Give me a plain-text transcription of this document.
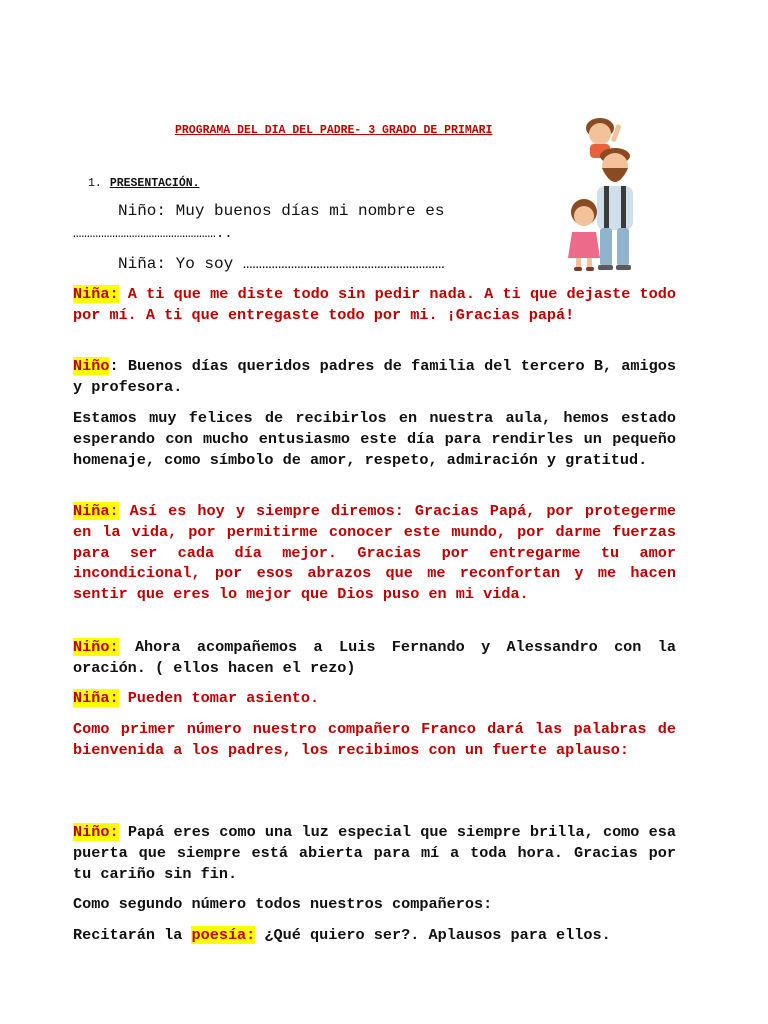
PROGRAMA DEL DÍA DEL PADRE- 3 GRADO DE PRIMARI
1. PRESENTACIÓN.
Niño: Muy buenos días mi nombre es
……………………………………………..
Niña: Yo soy ………………………………………………………
Niña: A ti que me diste todo sin pedir nada. A ti que dejaste todo por mí. A ti que entregaste todo por mi. ¡Gracias papá!
Niño: Buenos días queridos padres de familia del tercero B, amigos y profesora.
Estamos muy felices de recibirlos en nuestra aula, hemos estado esperando con mucho entusiasmo este día para rendirles un pequeño homenaje, como símbolo de amor, respeto, admiración y gratitud.
Niña: Así es hoy y siempre diremos: Gracias Papá, por protegerme en la vida, por permitirme conocer este mundo, por darme fuerzas para ser cada día mejor. Gracias por entregarme tu amor incondicional, por esos abrazos que me reconfortan y me hacen sentir que eres lo mejor que Dios puso en mi vida.
Niño: Ahora acompañemos a Luis Fernando y Alessandro con la oración. ( ellos hacen el rezo)
Niña: Pueden tomar asiento.
Como primer número nuestro compañero Franco dará las palabras de bienvenida a los padres, los recibimos con un fuerte aplauso:
Niño: Papá eres como una luz especial que siempre brilla, como esa puerta que siempre está abierta para mí a toda hora. Gracias por tu cariño sin fin.
Como segundo número todos nuestros compañeros:
Recitarán la poesía: ¿Qué quiero ser?. Aplausos para ellos.
